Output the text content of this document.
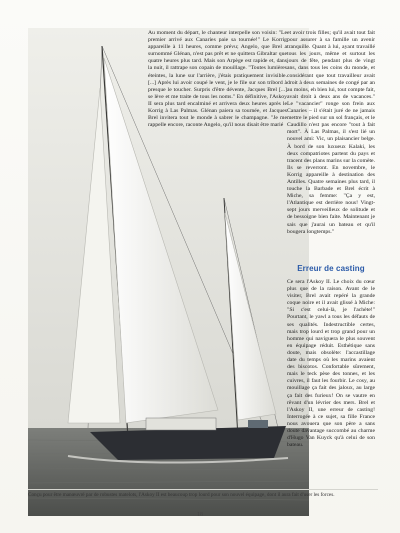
Au moment du départ, le chanteur interpelle son voisin: "Le premier arrivé aux Canaries paie sa tournée!" Le Korrig appareille à 11 heures, comme prévu; Angelo, que Brel a surnommé Glénan, n'est pas prêt et ne quittera Gibraltar que quatre heures plus tard. Mais son Arpège est rapide et, dans la nuit, il rattrape son copain de mouillage. "Toutes lumières éteintes, la lune sur l'arrière, j'étais pratiquement invisible. [...] Après lui avoir coupé le vent, je le file sur son tribord à presque le toucher. Surpris d'être dévente, Jacques Brel [...] se lève et me traite de tous les noms." En définitive, l'Askoy II sera plus tard encalminé et arrivera deux heures après le Korrig à Las Palmas. Glénan paiera sa tournée, et Jacques Brel invitera tout le monde à sabrer le champagne. "Je me rappelle encore, raconte Angelo, qu'il nous disait être marié
et avoir trois filles; qu'il avait tout fait pour assurer à sa famille un avenir tranquille. Quant à lui, ayant travaillé tous les jours, même et surtout les jours de fête, pendant plus de vingt ans, dans tous les coins du monde, et considérant que tout travailleur avait droit à deux semaines de congé par an au moins, eh bien lui, tout compte fait, avait droit à deux ans de vacances." Le "vacancier" ronge son frein aux Canaries – il s'était juré de ne jamais mettre le pied sur un sol français, et le Caudillo n'est pas encore "tout à fait mort". À Las Palmas, il s'est lié un nouvel ami: Vic, un plaisancier belge. À bord de son luxueux Kalaki, les deux compatriotes partent du pays et tracent des plans marins sur la comète. Ils se reverront. En novembre, le Korrig appareille à destination des Antilles. Quatre semaines plus tard, il touche la Barbade et Brel écrit à Miche, sa femme: "Ça y est, l'Atlantique est derrière nous! Vingt-sept jours merveilleux de solitude et de bessoigne bien faite. Maintenant je sais que j'aurai un bateau et qu'il bougera longtemps."
Erreur de casting
Ce sera l'Askoy II. Le choix du cœur plus que de la raison. Avant de le visiter, Brel avait repéré la grande coque noire et il avait glissé à Miche: "Si c'est celui-là, je l'achète!" Pourtant, le yawl a tous les défauts de ses qualités. Indestructible certes, mais trop lourd et trop grand pour un homme qui naviguera le plus souvent en équipage réduit. Esthétique sans doute, mais obsolète: l'accastillage date du temps où les marins avaient des biscotos. Confortable sûrement, mais le teck pèse des tonnes, et les cuivres, il faut les fourbir. Le cosy, au mouillage ça fait des jaloux, au large ça fait des furieux! On se vautre en rêvant d'un lévrier des mers. Brel et l'Askoy II, une erreur de casting! Interrogée à ce sujet, sa fille France nous avouera que son père a sans doute davantage succombé au charme d'Hugo Van Kuyck qu'à celui de son bateau.
Conçu pour être manœuvré par de robustes matelots, l'Askoy II est beaucoup trop lourd pour son nouvel équipage, dont il aura fait d'user les forces.
18
